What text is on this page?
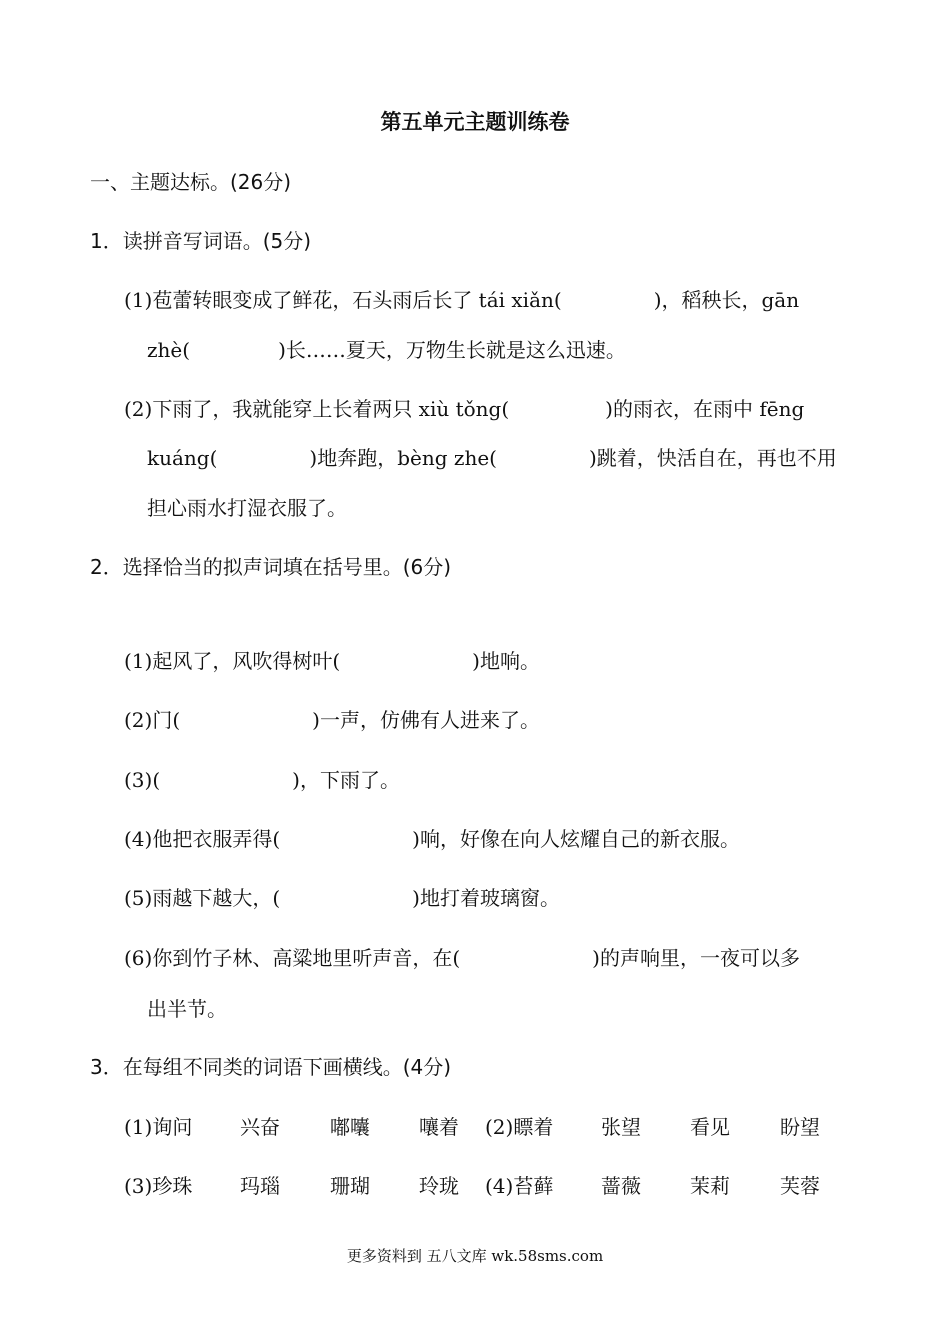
第五单元主题训练卷
一、主题达标。(26分)
1．读拼音写词语。(5分)
(1)苞蕾转眼变成了鲜花，石头雨后长了 tái xiǎn(	)，稻秧长，gān
zhè(	)长……夏天，万物生长就是这么迅速。
(2)下雨了，我就能穿上长着两只 xiù tǒng(	)的雨衣，在雨中 fēng
kuáng(	)地奔跑，bèng zhe(	)跳着，快活自在，再也不用
担心雨水打湿衣服了。
2．选择恰当的拟声词填在括号里。(6分)
(1)起风了，风吹得树叶(	)地响。
(2)门(	)一声，仿佛有人进来了。
(3)(	)，下雨了。
(4)他把衣服弄得(	)响，好像在向人炫耀自己的新衣服。
(5)雨越下越大，(	)地打着玻璃窗。
(6)你到竹子林、高粱地里听声音，在(	)的声响里，一夜可以多
出半节。
3．在每组不同类的词语下画横线。(4分)
(1)询问 兴奋	嘟囔 嚷着 (2)瞟着 张望 看见	盼望
(3)珍珠 玛瑙	珊瑚 玲珑 (4)苔藓 蔷薇 茉莉	芙蓉
更多资料到 五八文库 wk.58sms.com
